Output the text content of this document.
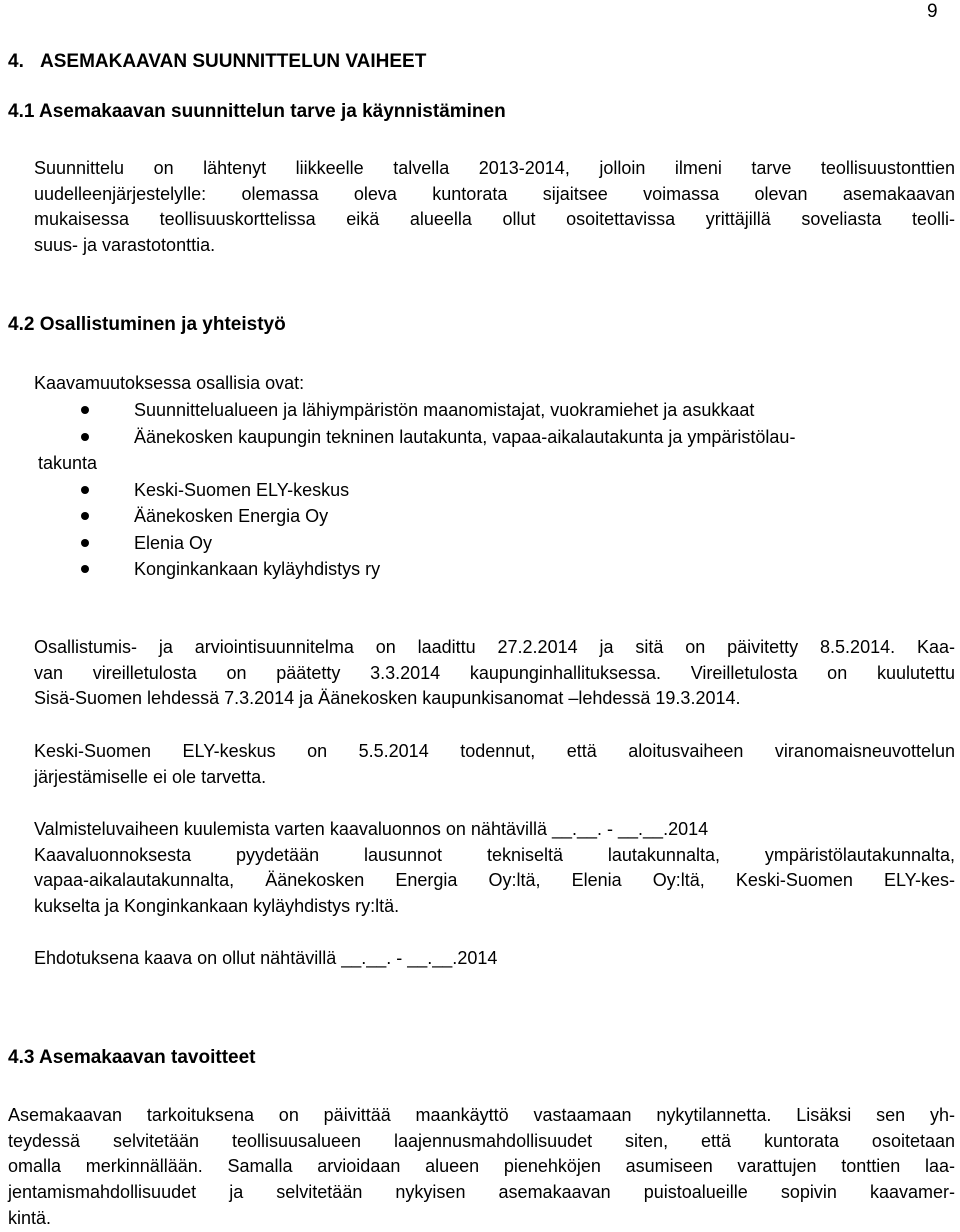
9
4. ASEMAKAAVAN SUUNNITTELUN VAIHEET
4.1 Asemakaavan suunnittelun tarve ja käynnistäminen
Suunnittelu on lähtenyt liikkeelle talvella 2013-2014, jolloin ilmeni tarve teollisuustonttien
uudelleenjärjestelylle: olemassa oleva kuntorata sijaitsee voimassa olevan asemakaavan
mukaisessa teollisuuskorttelissa eikä alueella ollut osoitettavissa yrittäjillä soveliasta teolli-
suus- ja varastotonttia.
4.2 Osallistuminen ja yhteistyö
Kaavamuutoksessa osallisia ovat:
Suunnittelualueen ja lähiympäristön maanomistajat, vuokramiehet ja asukkaat
Äänekosken kaupungin tekninen lautakunta, vapaa-aikalautakunta ja ympäristölau-
takunta
Keski-Suomen ELY-keskus
Äänekosken Energia Oy
Elenia Oy
Konginkankaan kyläyhdistys ry
Osallistumis- ja arviointisuunnitelma on laadittu 27.2.2014 ja sitä on päivitetty 8.5.2014. Kaa-
van vireilletulosta on päätetty 3.3.2014 kaupunginhallituksessa. Vireilletulosta on kuulutettu
Sisä-Suomen lehdessä 7.3.2014 ja Äänekosken kaupunkisanomat –lehdessä 19.3.2014.
Keski-Suomen ELY-keskus on 5.5.2014 todennut, että aloitusvaiheen viranomaisneuvottelun
järjestämiselle ei ole tarvetta.
Valmisteluvaiheen kuulemista varten kaavaluonnos on nähtävillä __.__. - __.__.2014
Kaavaluonnoksesta pyydetään lausunnot tekniseltä lautakunnalta, ympäristölautakunnalta,
vapaa-aikalautakunnalta, Äänekosken Energia Oy:ltä, Elenia Oy:ltä, Keski-Suomen ELY-kes-
kukselta ja Konginkankaan kyläyhdistys ry:ltä.
Ehdotuksena kaava on ollut nähtävillä __.__. - __.__.2014
4.3 Asemakaavan tavoitteet
Asemakaavan tarkoituksena on päivittää maankäyttö vastaamaan nykytilannetta. Lisäksi sen yh-
teydessä selvitetään teollisuusalueen laajennusmahdollisuudet siten, että kuntorata osoitetaan
omalla merkinnällään. Samalla arvioidaan alueen pienehköjen asumiseen varattujen tonttien laa-
jentamismahdollisuudet ja selvitetään nykyisen asemakaavan puistoalueille sopivin kaavamer-
kintä.
